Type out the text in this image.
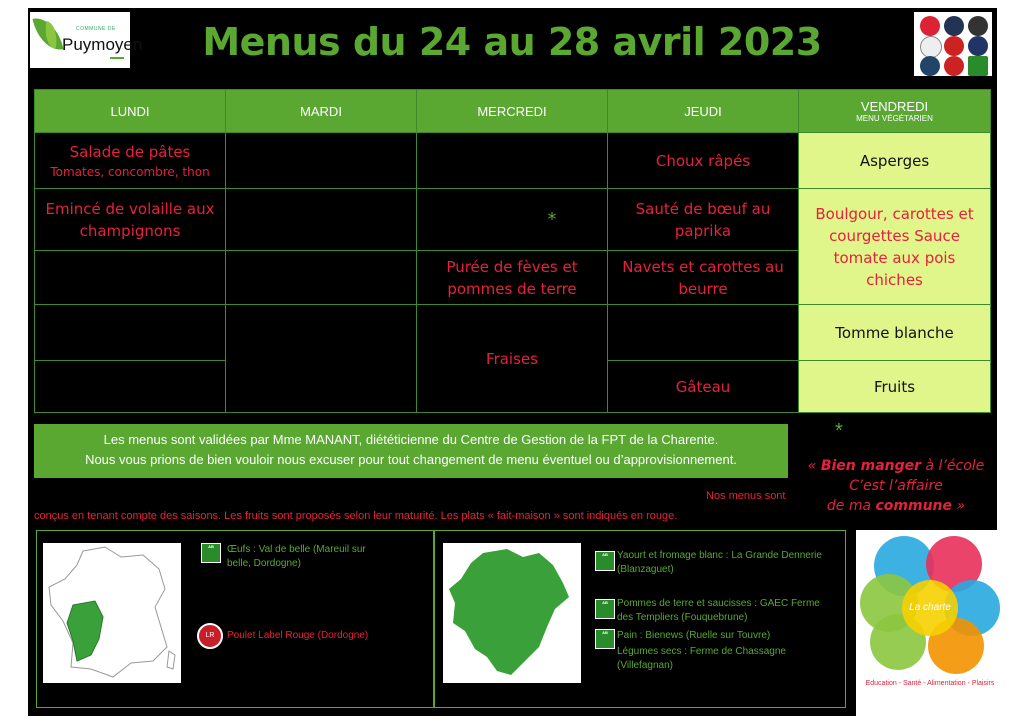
COMMUNE DE
Puymoyen	Menus du 24 au 28 avril 2023
LUNDI	MARDI	MERCREDI	JEUDI	VENDREDI
MENU VÉGÉTARIEN

Salade de pâtes
Tomates, concombre, thon			Choux râpés	Asperges
Emincé de volaille aux champignons		*	Sauté de bœuf au paprika	Boulgour, carottes et courgettes Sauce tomate aux pois chiches
		Purée de fèves et pommes de terre	Navets et carottes au beurre	
		Fraises		Tomme blanche
			Gâteau	Fruits
Les menus sont validées par Mme MANANT, diététicienne du Centre de Gestion de la FPT de la Charente.
Nous vous prions de bien vouloir nous excuser pour tout changement de menu éventuel ou d’approvisionnement.
*
« Bien manger à l’école
C’est l’affaire
de ma commune »
Nos menus sont
conçus en tenant compte des saisons. Les fruits sont proposés selon leur maturité. Les plats « fait-maison » sont indiqués en rouge.
AB	Œufs : Val de belle (Mareuil sur belle, Dordogne)
LR	Poulet Label Rouge (Dordogne)
AB Yaourt et fromage blanc : La Grande Dennerie (Blanzaguet)
AB Pommes de terre et saucisses : GAEC Ferme des Templiers (Fouquebrune)
AB Pain : Bienews (Ruelle sur Touvre)
Légumes secs : Ferme de Chassagne (Villefagnan)
La charte
Education - Santé - Alimentation - Plaisirs
